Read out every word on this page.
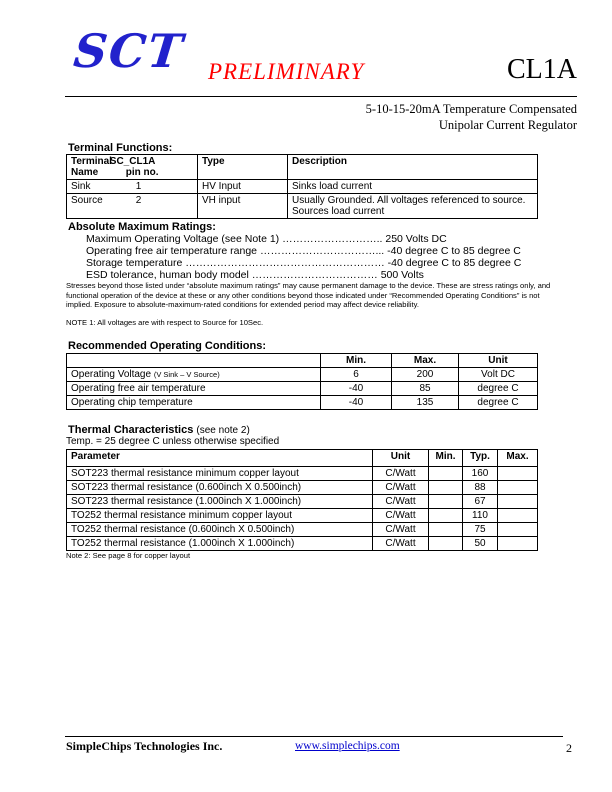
SCT PRELIMINARY	CL1A
5-10-15-20mA Temperature Compensated
Unipolar Current Regulator
Terminal Functions:
Terminal SC_CL1A
Name pin no.	Type	Description
Sink 1	HV Input	Sinks load current
Source 2	VH input	Usually Grounded. All voltages referenced to source. Sources load current
Absolute Maximum Ratings:
Maximum Operating Voltage (see Note 1) ……………………….. 250 Volts DC
Operating free air temperature range ……………………………... -40 degree C to 85 degree C
Storage temperature ………………………………………………… -40 degree C to 85 degree C
ESD tolerance, human body model ……………………………… 500 Volts
Stresses beyond those listed under “absolute maximum ratings” may cause permanent damage to the device. These are stress ratings only, and functional operation of the device at these or any other conditions beyond those indicated under “Recommended Operating Conditions” is not implied. Exposure to absolute-maximum-rated conditions for extended period may affect device reliability.
NOTE 1: All voltages are with respect to Source for 10Sec.
Recommended Operating Conditions:
	Min.	Max.	Unit
Operating Voltage (V Sink – V Source)	6	200	Volt DC
Operating free air temperature	-40	85	degree C
Operating chip temperature	-40	135	degree C
Thermal Characteristics (see note 2)
Temp. = 25 degree C unless otherwise specified
Parameter	Unit	Min.	Typ.	Max.
SOT223 thermal resistance minimum copper layout	C/Watt		160	
SOT223 thermal resistance (0.600inch X 0.500inch)	C/Watt		88	
SOT223 thermal resistance (1.000inch X 1.000inch)	C/Watt		67	
TO252 thermal resistance minimum copper layout	C/Watt		110	
TO252 thermal resistance (0.600inch X 0.500inch)	C/Watt		75	
TO252 thermal resistance (1.000inch X 1.000inch)	C/Watt		50	
Note 2: See page 8 for copper layout
SimpleChips Technologies Inc.	www.simplechips.com	2
